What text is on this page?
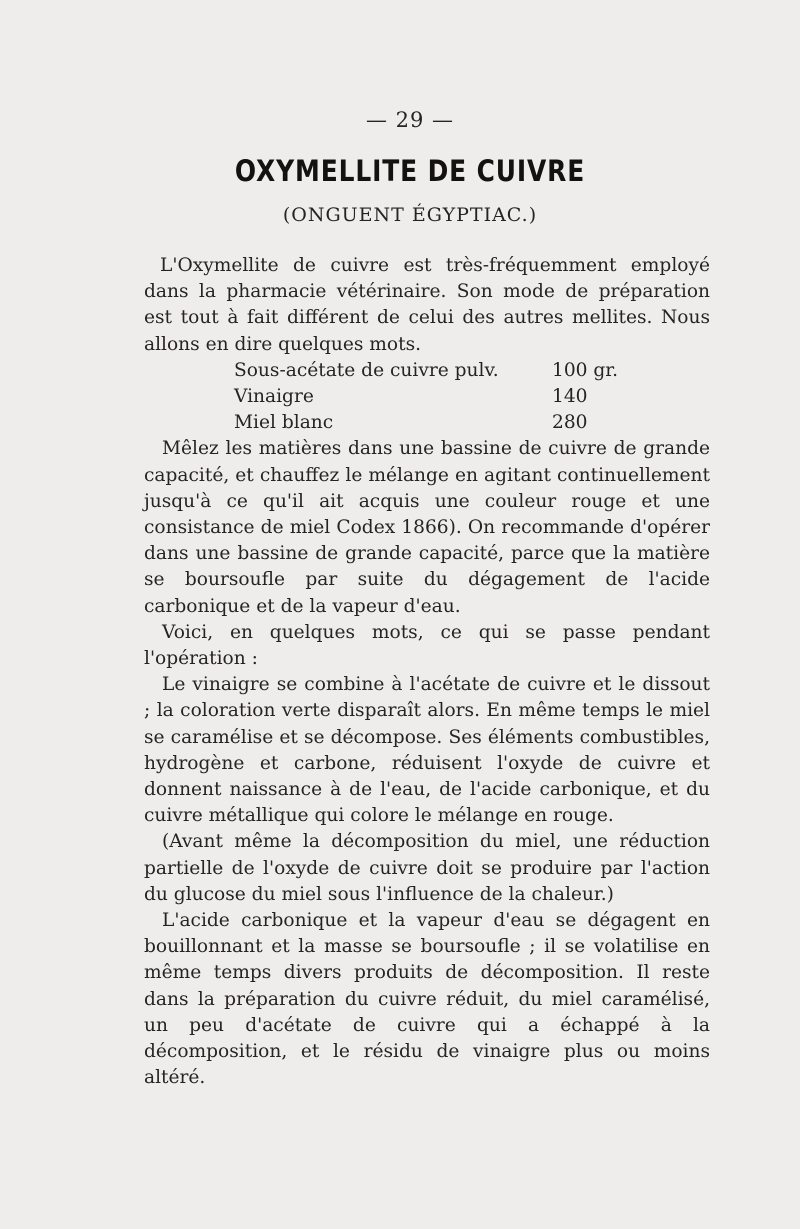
— 29 —
OXYMELLITE DE CUIVRE
(ONGUENT ÉGYPTIAC.)

L'Oxymellite de cuivre est très-fréquemment employé dans la pharmacie vétérinaire. Son mode de préparation est tout à fait différent de celui des autres mellites. Nous allons en dire quelques mots.

Sous-acétate de cuivre pulv.	100 gr.
Vinaigre	140
Miel blanc	280

Mêlez les matières dans une bassine de cuivre de grande capacité, et chauffez le mélange en agitant continuellement jusqu'à ce qu'il ait acquis une couleur rouge et une consistance de miel Codex 1866). On recommande d'opérer dans une bassine de grande capacité, parce que la matière se boursoufle par suite du dégagement de l'acide carbonique et de la vapeur d'eau.

Voici, en quelques mots, ce qui se passe pendant l'opération :

Le vinaigre se combine à l'acétate de cuivre et le dissout ; la coloration verte disparaît alors. En même temps le miel se caramélise et se décompose. Ses éléments combustibles, hydrogène et carbone, réduisent l'oxyde de cuivre et donnent naissance à de l'eau, de l'acide carbonique, et du cuivre métallique qui colore le mélange en rouge.

(Avant même la décomposition du miel, une réduction partielle de l'oxyde de cuivre doit se produire par l'action du glucose du miel sous l'influence de la chaleur.)

L'acide carbonique et la vapeur d'eau se dégagent en bouillonnant et la masse se boursoufle ; il se volatilise en même temps divers produits de décomposition. Il reste dans la préparation du cuivre réduit, du miel caramélisé, un peu d'acétate de cuivre qui a échappé à la décomposition, et le résidu de vinaigre plus ou moins altéré.
